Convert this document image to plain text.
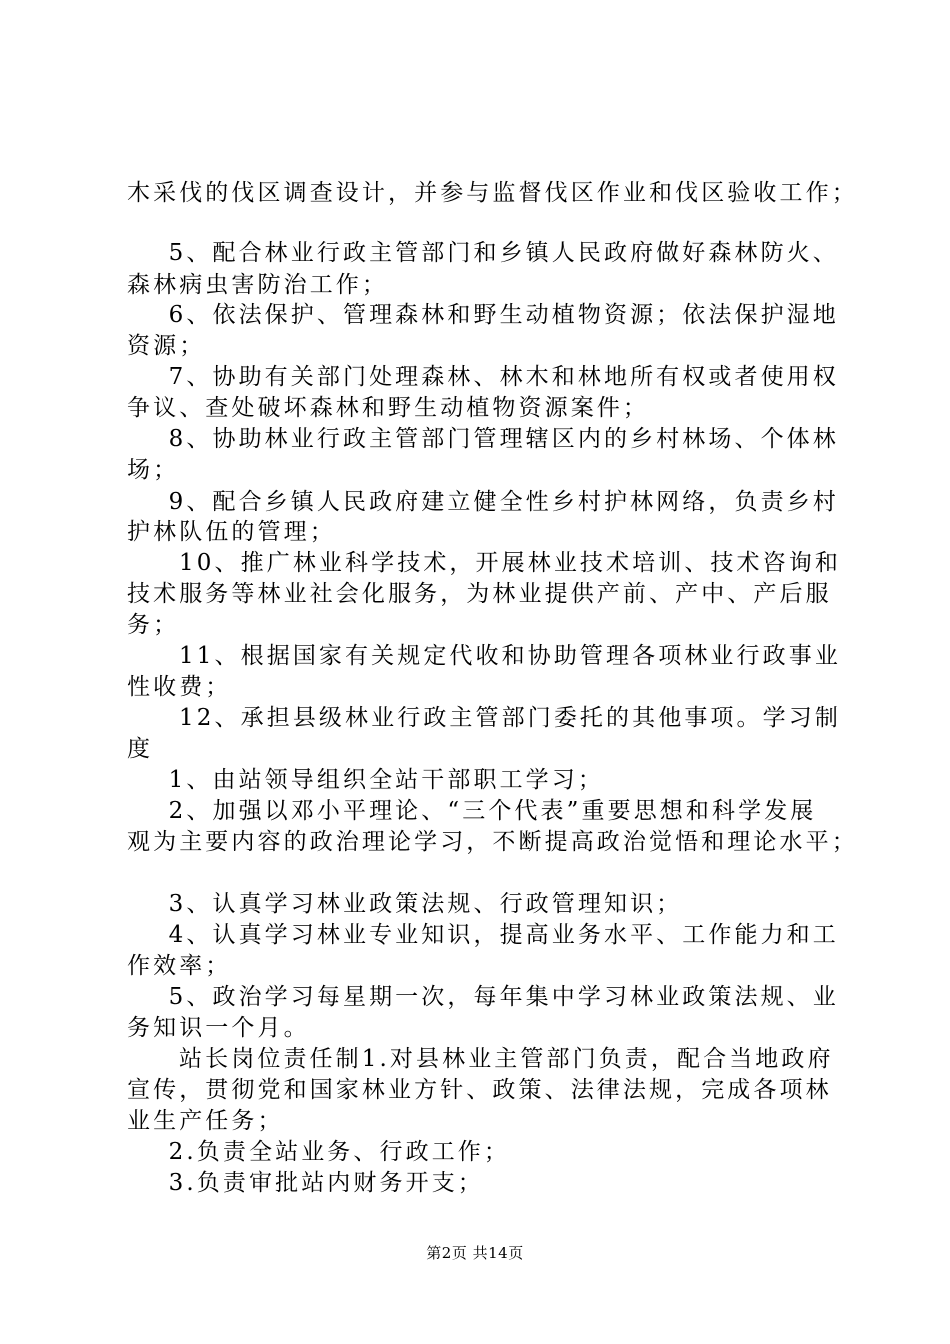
木采伐的伐区调查设计，并参与监督伐区作业和伐区验收工作；
5、配合林业行政主管部门和乡镇人民政府做好森林防火、
森林病虫害防治工作；
6、依法保护、管理森林和野生动植物资源；依法保护湿地
资源；
7、协助有关部门处理森林、林木和林地所有权或者使用权
争议、查处破坏森林和野生动植物资源案件；
8、协助林业行政主管部门管理辖区内的乡村林场、个体林
场；
9、配合乡镇人民政府建立健全性乡村护林网络，负责乡村
护林队伍的管理；
10、推广林业科学技术，开展林业技术培训、技术咨询和
技术服务等林业社会化服务，为林业提供产前、产中、产后服
务；
11、根据国家有关规定代收和协助管理各项林业行政事业
性收费；
12、承担县级林业行政主管部门委托的其他事项。学习制
度
1、由站领导组织全站干部职工学习；
2、加强以邓小平理论、“三个代表”重要思想和科学发展
观为主要内容的政治理论学习，不断提高政治觉悟和理论水平；
3、认真学习林业政策法规、行政管理知识；
4、认真学习林业专业知识，提高业务水平、工作能力和工
作效率；
5、政治学习每星期一次，每年集中学习林业政策法规、业
务知识一个月。
站长岗位责任制1.对县林业主管部门负责，配合当地政府
宣传，贯彻党和国家林业方针、政策、法律法规，完成各项林
业生产任务；
2.负责全站业务、行政工作；
3.负责审批站内财务开支；
第2页 共14页
